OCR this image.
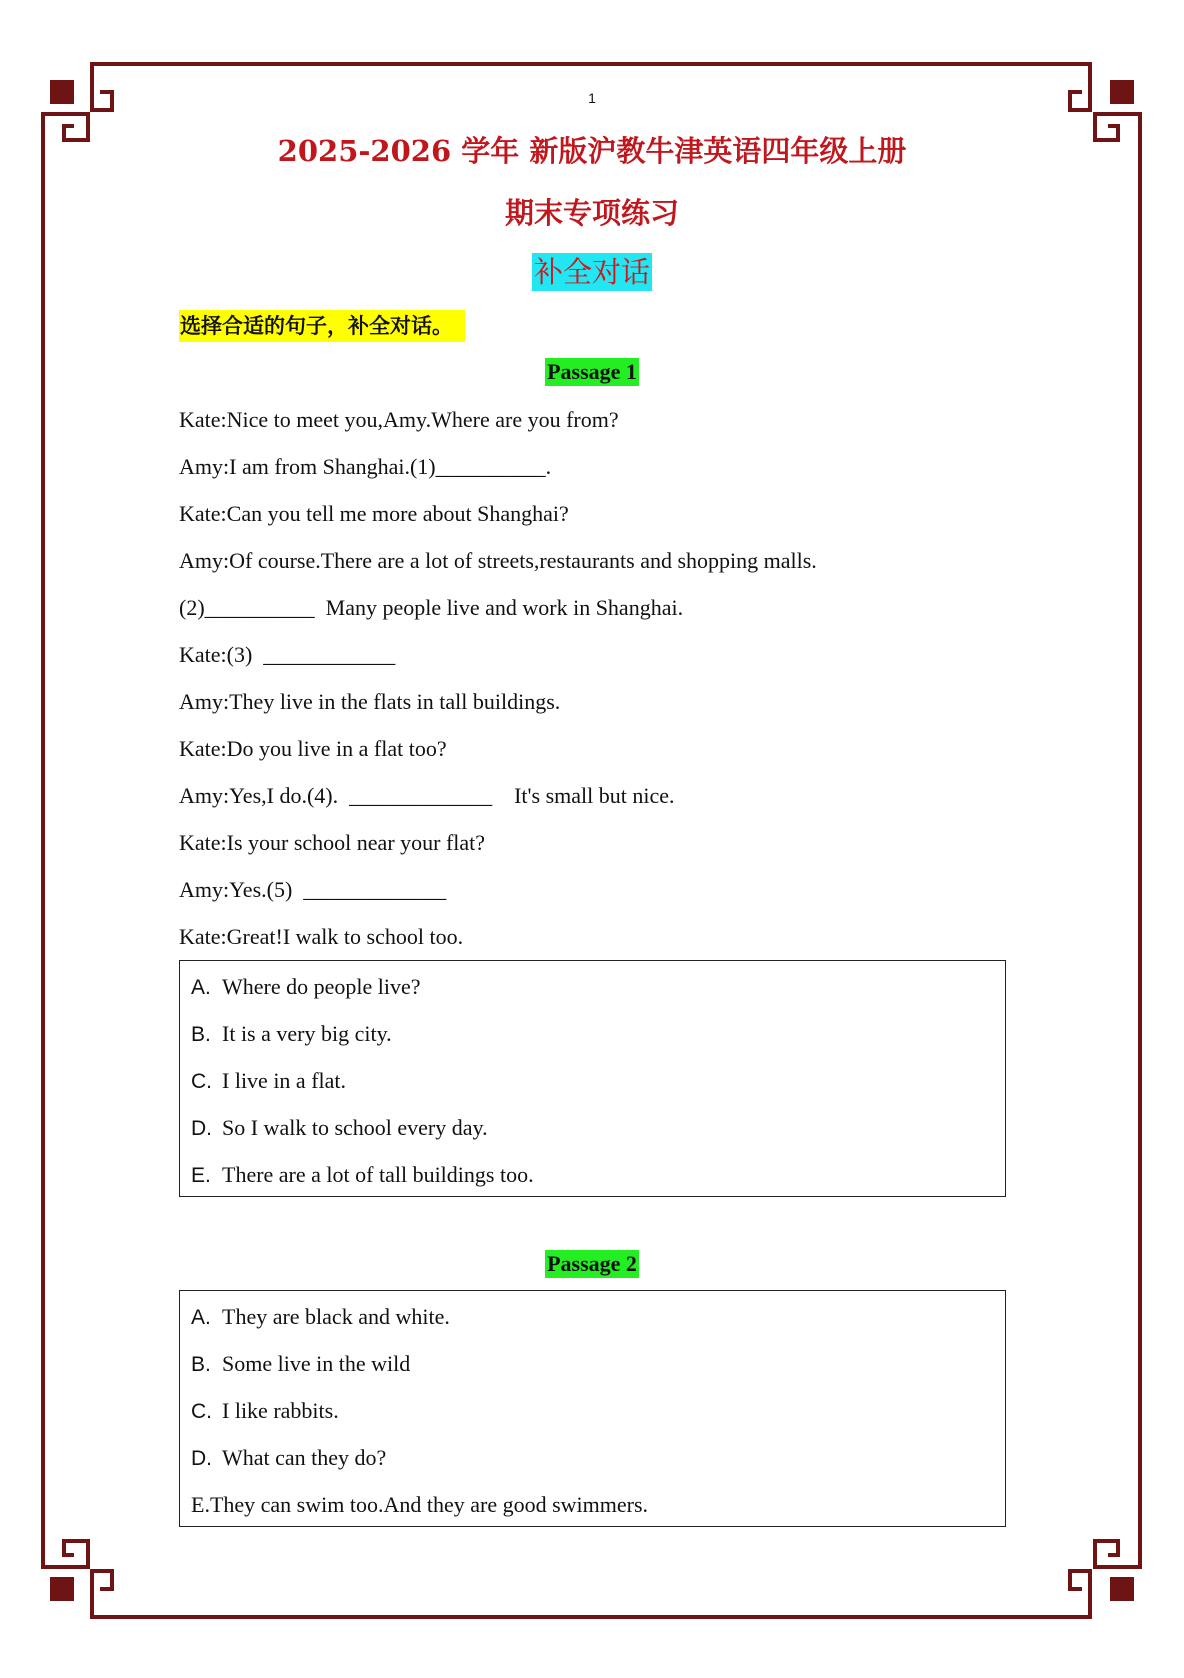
1
2025-2026 学年 新版沪教牛津英语四年级上册
期末专项练习
补全对话
选择合适的句子，补全对话。
Passage 1
Kate:Nice to meet you,Amy.Where are you from?
Amy:I am from Shanghai.(1)__________.
Kate:Can you tell me more about Shanghai?
Amy:Of course.There are a lot of streets,restaurants and shopping malls.
(2)__________  Many people live and work in Shanghai.
Kate:(3)  ____________
Amy:They live in the flats in tall buildings.
Kate:Do you live in a flat too?
Amy:Yes,I do.(4).  _____________    It's small but nice.
Kate:Is your school near your flat?
Amy:Yes.(5)  _____________
Kate:Great!I walk to school too.
A. Where do people live?
B. It is a very big city.
C. I live in a flat.
D. So I walk to school every day.
E. There are a lot of tall buildings too.
Passage 2
A. They are black and white.
B. Some live in the wild
C. I like rabbits.
D. What can they do?
E.They can swim too.And they are good swimmers.
